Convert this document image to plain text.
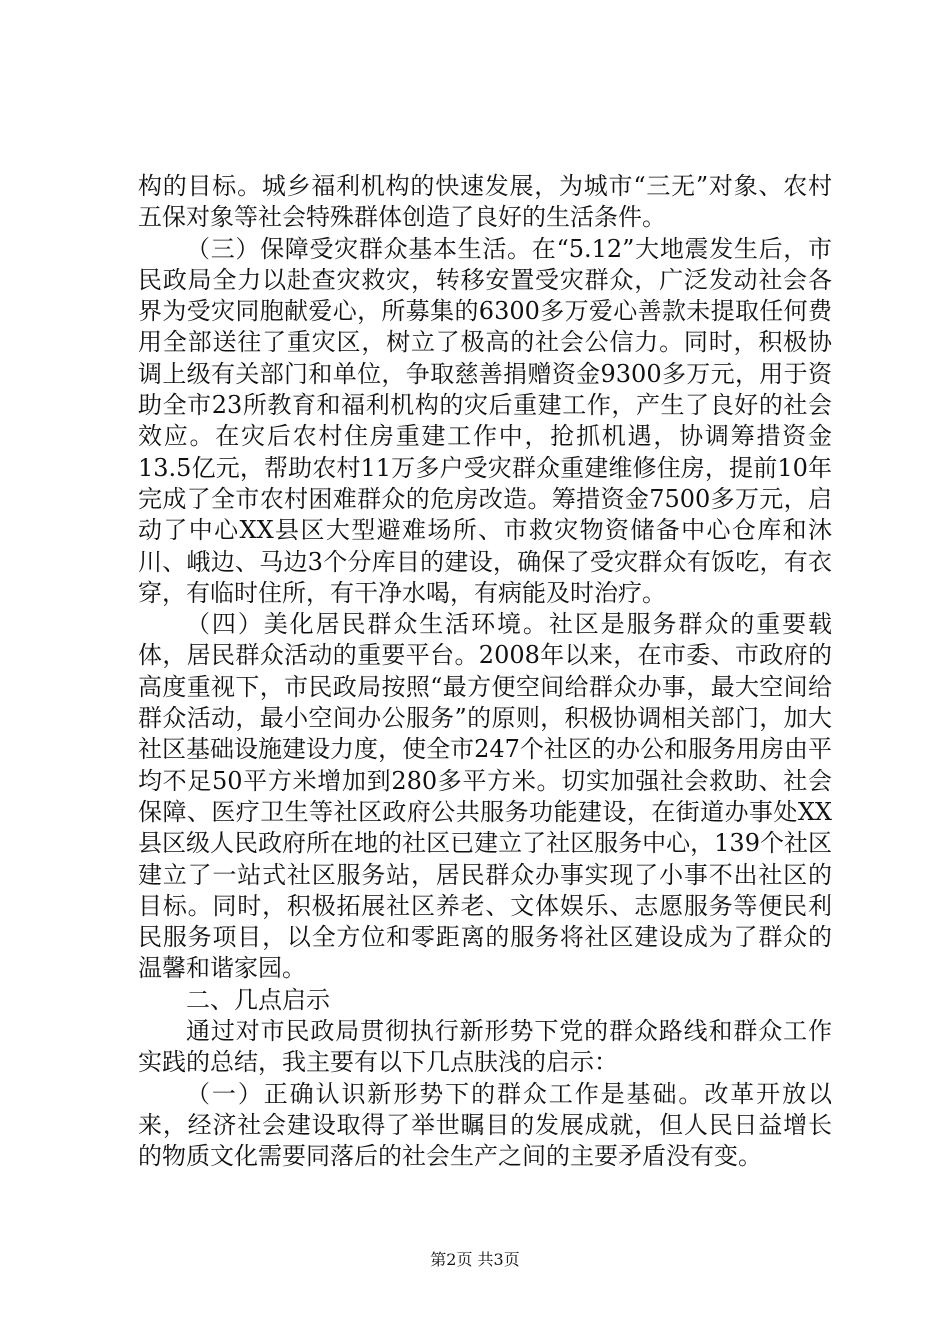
构的目标。城乡福利机构的快速发展，为城市“三无”对象、农村五保对象等社会特殊群体创造了良好的生活条件。

（三）保障受灾群众基本生活。在“5.12”大地震发生后，市民政局全力以赴查灾救灾，转移安置受灾群众，广泛发动社会各界为受灾同胞献爱心，所募集的6300多万爱心善款未提取任何费用全部送往了重灾区，树立了极高的社会公信力。同时，积极协调上级有关部门和单位，争取慈善捐赠资金9300多万元，用于资助全市23所教育和福利机构的灾后重建工作，产生了良好的社会效应。在灾后农村住房重建工作中，抢抓机遇，协调筹措资金13.5亿元，帮助农村11万多户受灾群众重建维修住房，提前10年完成了全市农村困难群众的危房改造。筹措资金7500多万元，启动了中心XX县区大型避难场所、市救灾物资储备中心仓库和沐川、峨边、马边3个分库目的建设，确保了受灾群众有饭吃，有衣穿，有临时住所，有干净水喝，有病能及时治疗。

（四）美化居民群众生活环境。社区是服务群众的重要载体，居民群众活动的重要平台。2008年以来，在市委、市政府的高度重视下，市民政局按照“最方便空间给群众办事，最大空间给群众活动，最小空间办公服务”的原则，积极协调相关部门，加大社区基础设施建设力度，使全市247个社区的办公和服务用房由平均不足50平方米增加到280多平方米。切实加强社会救助、社会保障、医疗卫生等社区政府公共服务功能建设，在街道办事处XX县区级人民政府所在地的社区已建立了社区服务中心，139个社区建立了一站式社区服务站，居民群众办事实现了小事不出社区的目标。同时，积极拓展社区养老、文体娱乐、志愿服务等便民利民服务项目，以全方位和零距离的服务将社区建设成为了群众的温馨和谐家园。

二、几点启示

通过对市民政局贯彻执行新形势下党的群众路线和群众工作实践的总结，我主要有以下几点肤浅的启示：

（一）正确认识新形势下的群众工作是基础。改革开放以来，经济社会建设取得了举世瞩目的发展成就，但人民日益增长的物质文化需要同落后的社会生产之间的主要矛盾没有变。

第2页 共3页
